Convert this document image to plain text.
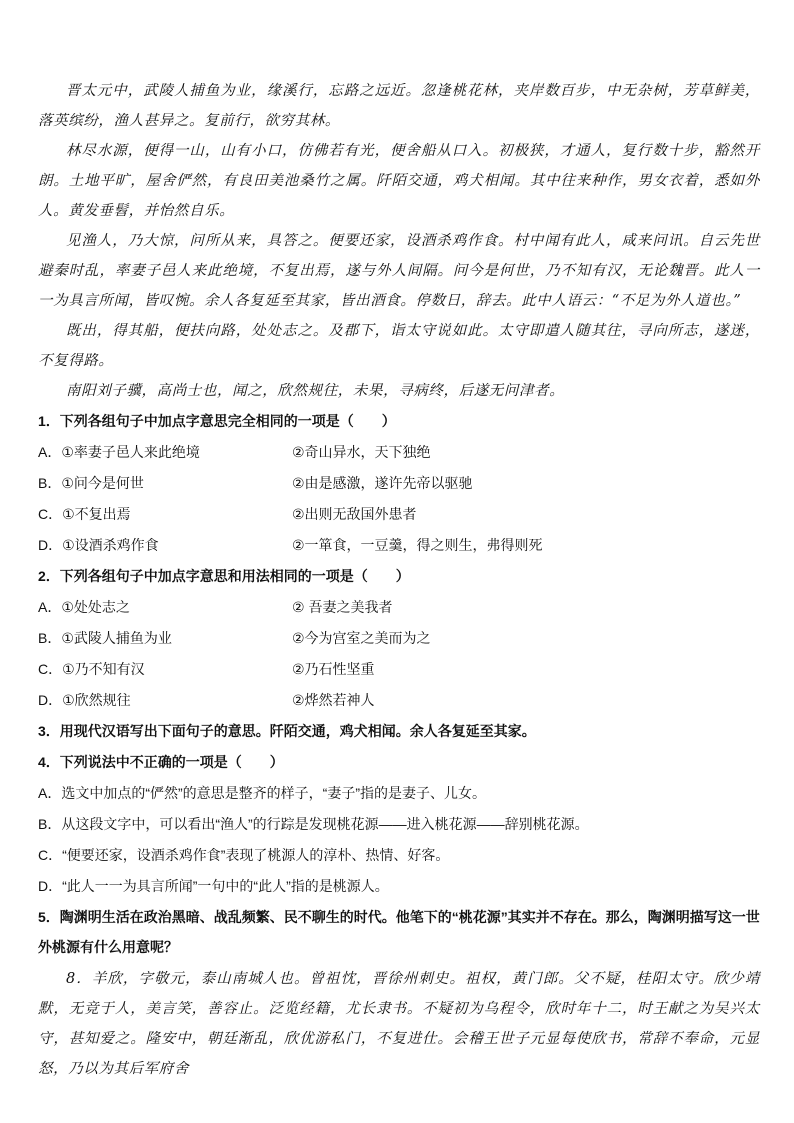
晋太元中，武陵人捕鱼为业，缘溪行，忘路之远近。忽逢桃花林，夹岸数百步，中无杂树，芳草鲜美，落英缤纷，渔人甚异之。复前行，欲穷其林。

林尽水源，便得一山，山有小口，仿佛若有光，便舍船从口入。初极狭，才通人，复行数十步，豁然开朗。土地平旷，屋舍俨然，有良田美池桑竹之属。阡陌交通，鸡犬相闻。其中往来种作，男女衣着，悉如外人。黄发垂髫，并怡然自乐。

见渔人，乃大惊，问所从来，具答之。便要还家，设酒杀鸡作食。村中闻有此人，咸来问讯。自云先世避秦时乱，率妻子邑人来此绝境，不复出焉，遂与外人间隔。问今是何世，乃不知有汉，无论魏晋。此人一一为具言所闻，皆叹惋。余人各复延至其家，皆出酒食。停数日，辞去。此中人语云：“不足为外人道也。”

既出，得其船，便扶向路，处处志之。及郡下，诣太守说如此。太守即遣人随其往，寻向所志，遂迷，不复得路。

南阳刘子骥，高尚士也，闻之，欣然规往，未果，寻病终，后遂无问津者。

1．下列各组句子中加点字意思完全相同的一项是（　　）

A．①率妻子邑人来此绝境	②奇山异水，天下独绝
B．①问今是何世	②由是感激，遂许先帝以驱驰
C．①不复出焉	②出则无敌国外患者
D．①设酒杀鸡作食	②一箪食，一豆羹，得之则生，弗得则死

2．下列各组句子中加点字意思和用法相同的一项是（　　）

A．①处处志之	② 吾妻之美我者
B．①武陵人捕鱼为业	②今为宫室之美而为之
C．①乃不知有汉	②乃石性坚重
D．①欣然规往	②烨然若神人

3．用现代汉语写出下面句子的意思。阡陌交通，鸡犬相闻。余人各复延至其家。

4．下列说法中不正确的一项是（　　）

A．选文中加点的“俨然”的意思是整齐的样子，“妻子”指的是妻子、儿女。

B．从这段文字中，可以看出“渔人”的行踪是发现桃花源——进入桃花源——辞别桃花源。

C．“便要还家，设酒杀鸡作食”表现了桃源人的淳朴、热情、好客。

D．“此人一一为具言所闻”一句中的“此人”指的是桃源人。

5．陶渊明生活在政治黑暗、战乱频繁、民不聊生的时代。他笔下的“桃花源”其实并不存在。那么，陶渊明描写这一世外桃源有什么用意呢？

8．羊欣，字敬元，泰山南城人也。曾祖忱，晋徐州刺史。祖权，黄门郎。父不疑，桂阳太守。欣少靖默，无竞于人，美言笑，善容止。泛览经籍，尤长隶书。不疑初为乌程令，欣时年十二，时王献之为吴兴太守，甚知爱之。隆安中，朝廷渐乱，欣优游私门，不复进仕。会稽王世子元显每使欣书，常辞不奉命，元显怒，乃以为其后军府舍
